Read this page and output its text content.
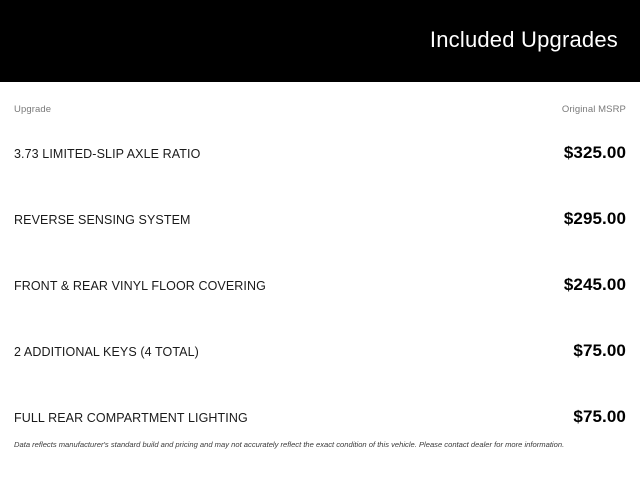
Included Upgrades
Upgrade	Original MSRP
3.73 LIMITED-SLIP AXLE RATIO	$325.00
REVERSE SENSING SYSTEM	$295.00
FRONT & REAR VINYL FLOOR COVERING	$245.00
2 ADDITIONAL KEYS (4 TOTAL)	$75.00
FULL REAR COMPARTMENT LIGHTING	$75.00
Data reflects manufacturer's standard build and pricing and may not accurately reflect the exact condition of this vehicle. Please contact dealer for more information.
